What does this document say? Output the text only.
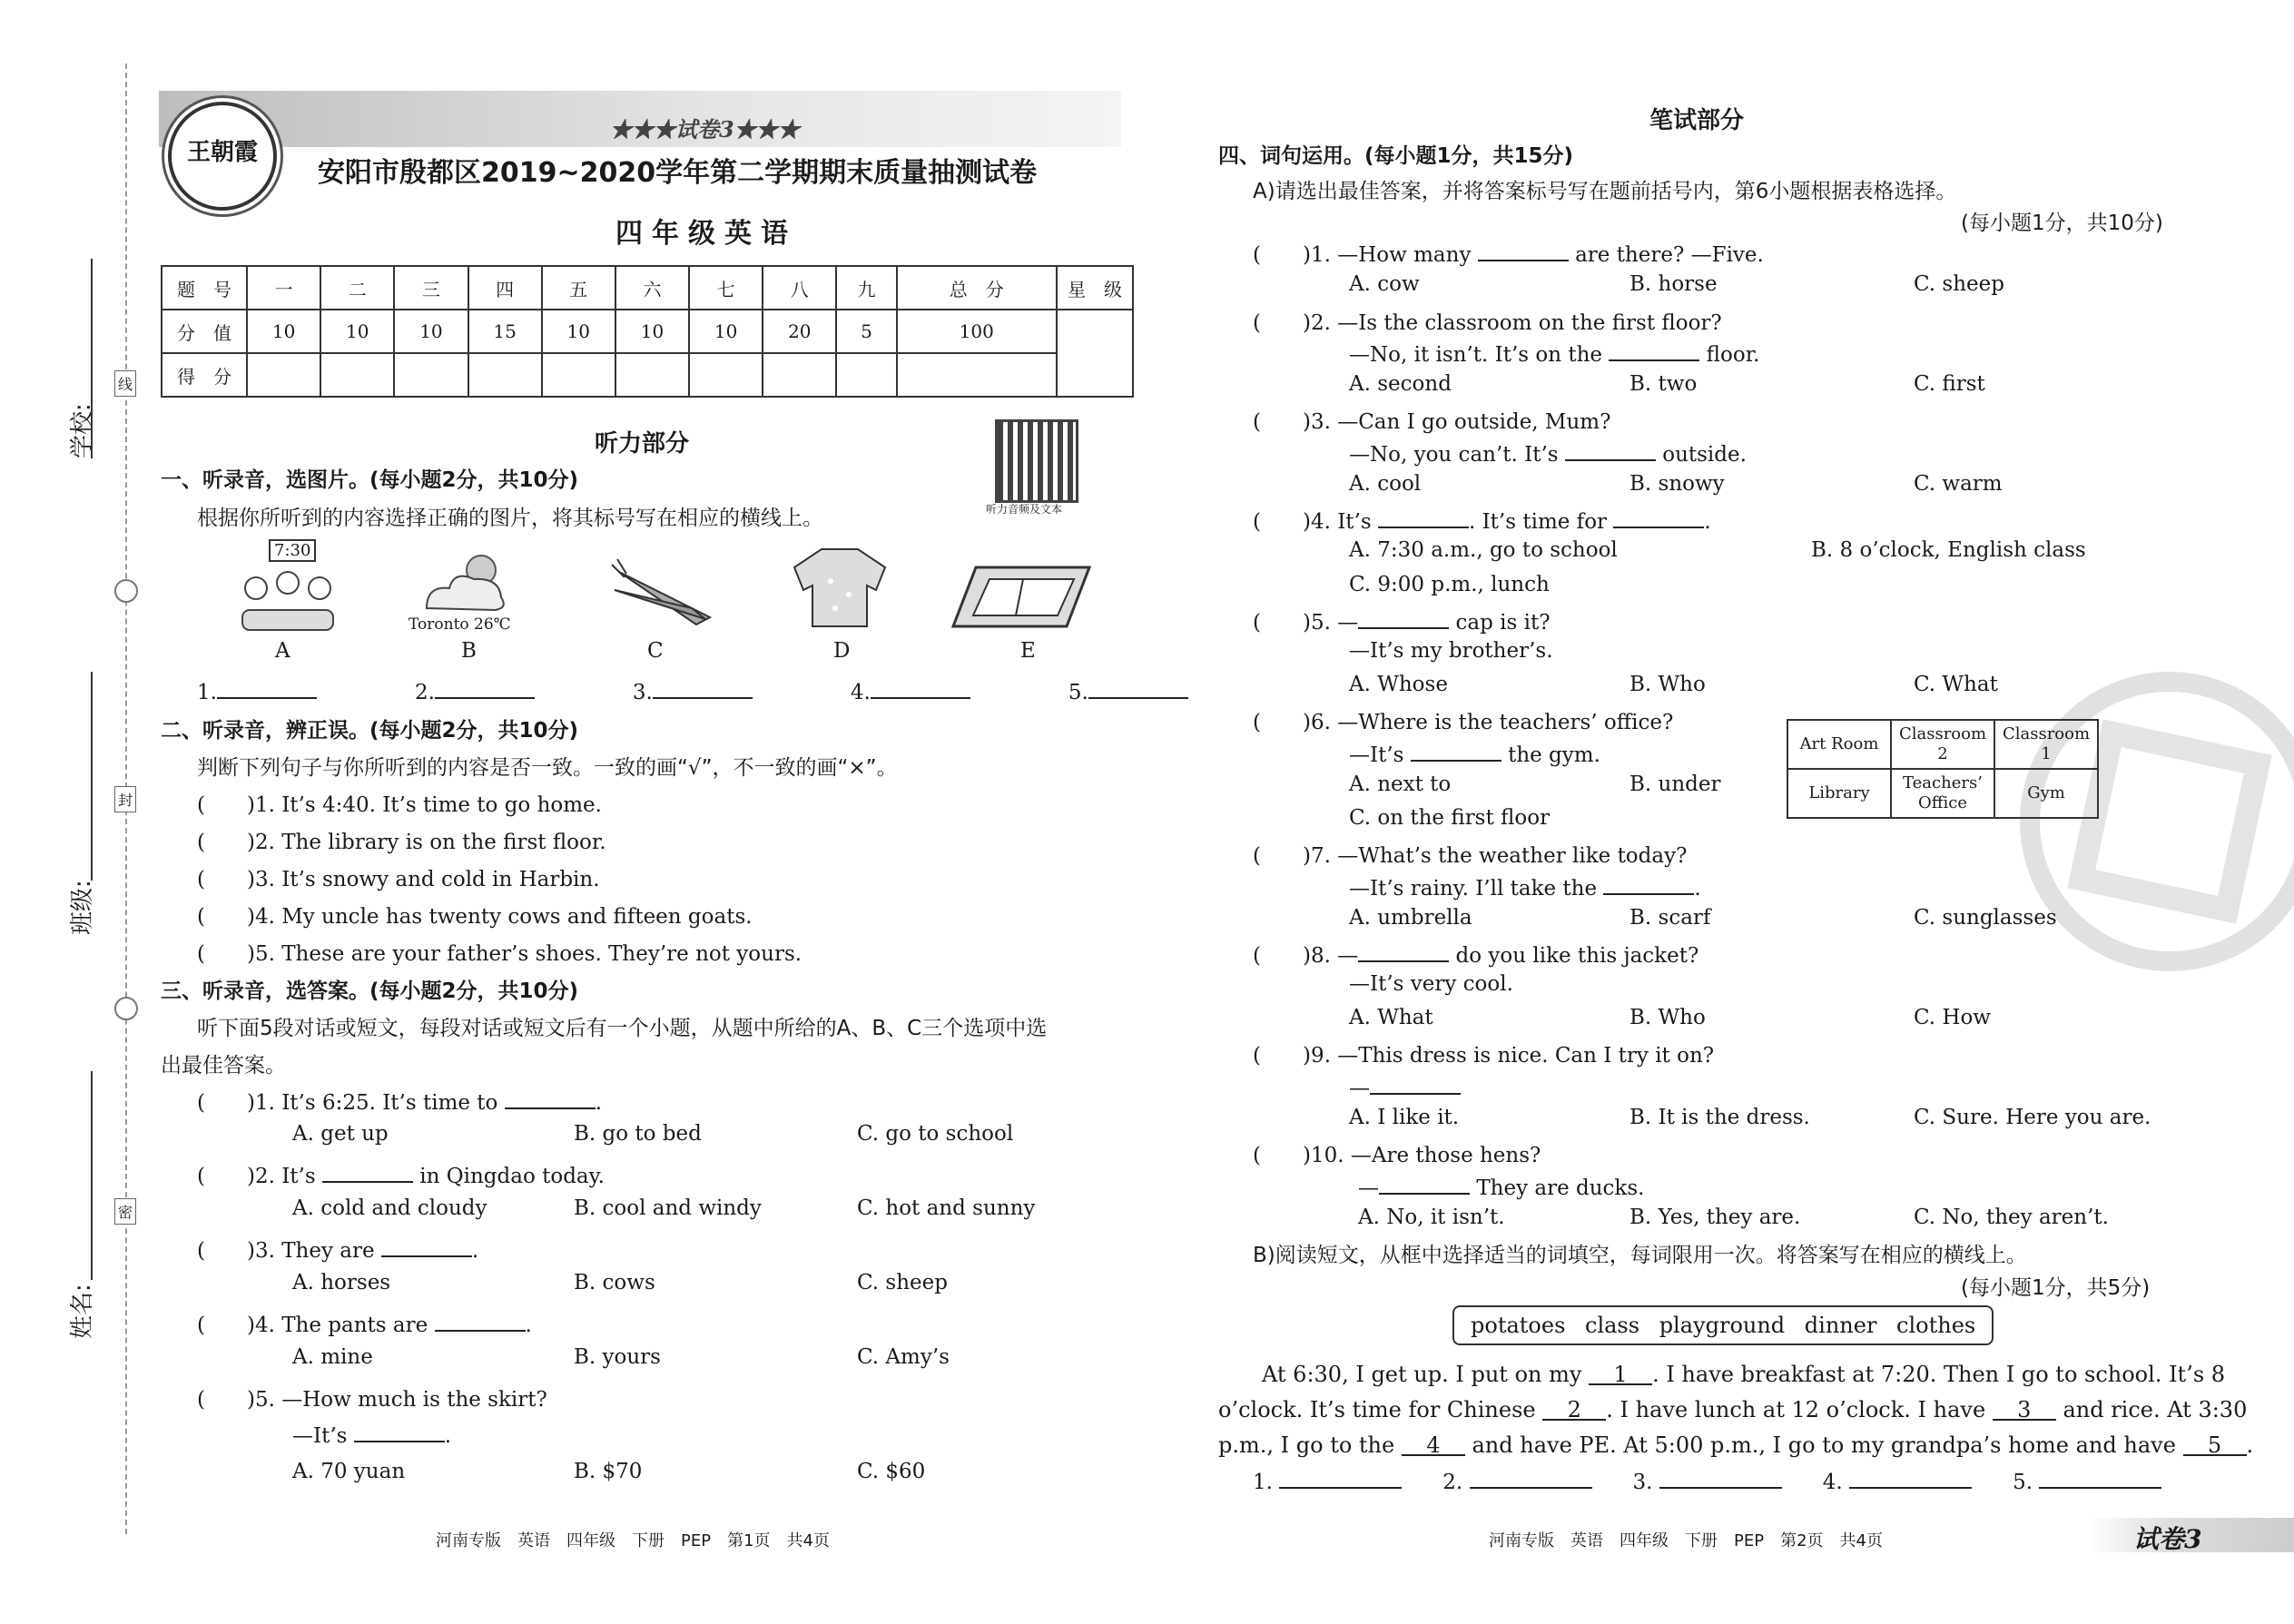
学校:
班级:
姓名:
线
封
密
王朝霞
★★★试卷3★★★
安阳市殷都区2019~2020学年第二学期期末质量抽测试卷
四年级英语
题　号	一	二	三	四	五	六	七	八	九	总　分	星　级
分　值	10	10	10	15	10	10	10	20	5	100	
得　分											
听力部分
听力音频及文本
一、听录音，选图片。(每小题2分，共10分)
根据你所听到的内容选择正确的图片，将其标号写在相应的横线上。
7:30
Toronto 26℃
A	B	C	D	E
1.	2.	3.	4.	5.
二、听录音，辨正误。(每小题2分，共10分)
判断下列句子与你所听到的内容是否一致。一致的画“√”，不一致的画“×”。
(　　)1. It’s 4:40. It’s time to go home.
(　　)2. The library is on the first floor.
(　　)3. It’s snowy and cold in Harbin.
(　　)4. My uncle has twenty cows and fifteen goats.
(　　)5. These are your father’s shoes. They’re not yours.
三、听录音，选答案。(每小题2分，共10分)
听下面5段对话或短文，每段对话或短文后有一个小题，从题中所给的A、B、C三个选项中选
出最佳答案。
(　　)1. It’s 6:25. It’s time to	.
A. get up	B. go to bed	C. go to school
(　　)2. It’s	in Qingdao today.
A. cold and cloudy	B. cool and windy	C. hot and sunny
(　　)3. They are	.
A. horses	B. cows	C. sheep
(　　)4. The pants are	.
A. mine	B. yours	C. Amy’s
(　　)5. —How much is the skirt?
—It’s	.
A. 70 yuan	B. $70	C. $60
河南专版　英语　四年级　下册　PEP　第1页　共4页
笔试部分
四、词句运用。(每小题1分，共15分)
A)请选出最佳答案，并将答案标号写在题前括号内，第6小题根据表格选择。
(每小题1分，共10分)
(　　)1. —How many	are there? —Five.
A. cow	B. horse	C. sheep
(　　)2. —Is the classroom on the first floor?
—No, it isn’t. It’s on the	floor.
A. second	B. two	C. first
(　　)3. —Can I go outside, Mum?
—No, you can’t. It’s	outside.
A. cool	B. snowy	C. warm
(　　)4. It’s	. It’s time for	.
A. 7:30 a.m., go to school	B. 8 o’clock, English class
C. 9:00 p.m., lunch
(　　)5. —	cap is it?
—It’s my brother’s.
A. Whose	B. Who	C. What
(　　)6. —Where is the teachers’ office?
—It’s	the gym.
A. next to	B. under
C. on the first floor
Art Room	Classroom 2	Classroom 1
Library	Teachers’ Office	Gym
(　　)7. —What’s the weather like today?
—It’s rainy. I’ll take the	.
A. umbrella	B. scarf	C. sunglasses
(　　)8. —	do you like this jacket?
—It’s very cool.
A. What	B. Who	C. How
(　　)9. —This dress is nice. Can I try it on?
—
A. I like it.	B. It is the dress.	C. Sure. Here you are.
(　　)10. —Are those hens?
—	They are ducks.
A. No, it isn’t.	B. Yes, they are.	C. No, they aren’t.
B)阅读短文，从框中选择适当的词填空，每词限用一次。将答案写在相应的横线上。
(每小题1分，共5分)
potatoes class playground dinner clothes
At 6:30, I get up. I put on my 1 . I have breakfast at 7:20. Then I go to school. It’s 8
o’clock. It’s time for Chinese 2 . I have lunch at 12 o’clock. I have 3 and rice. At 3:30
p.m., I go to the 4 and have PE. At 5:00 p.m., I go to my grandpa’s home and have 5 .
1.	2.	3.	4.	5.
河南专版　英语　四年级　下册　PEP　第2页　共4页	试卷3
